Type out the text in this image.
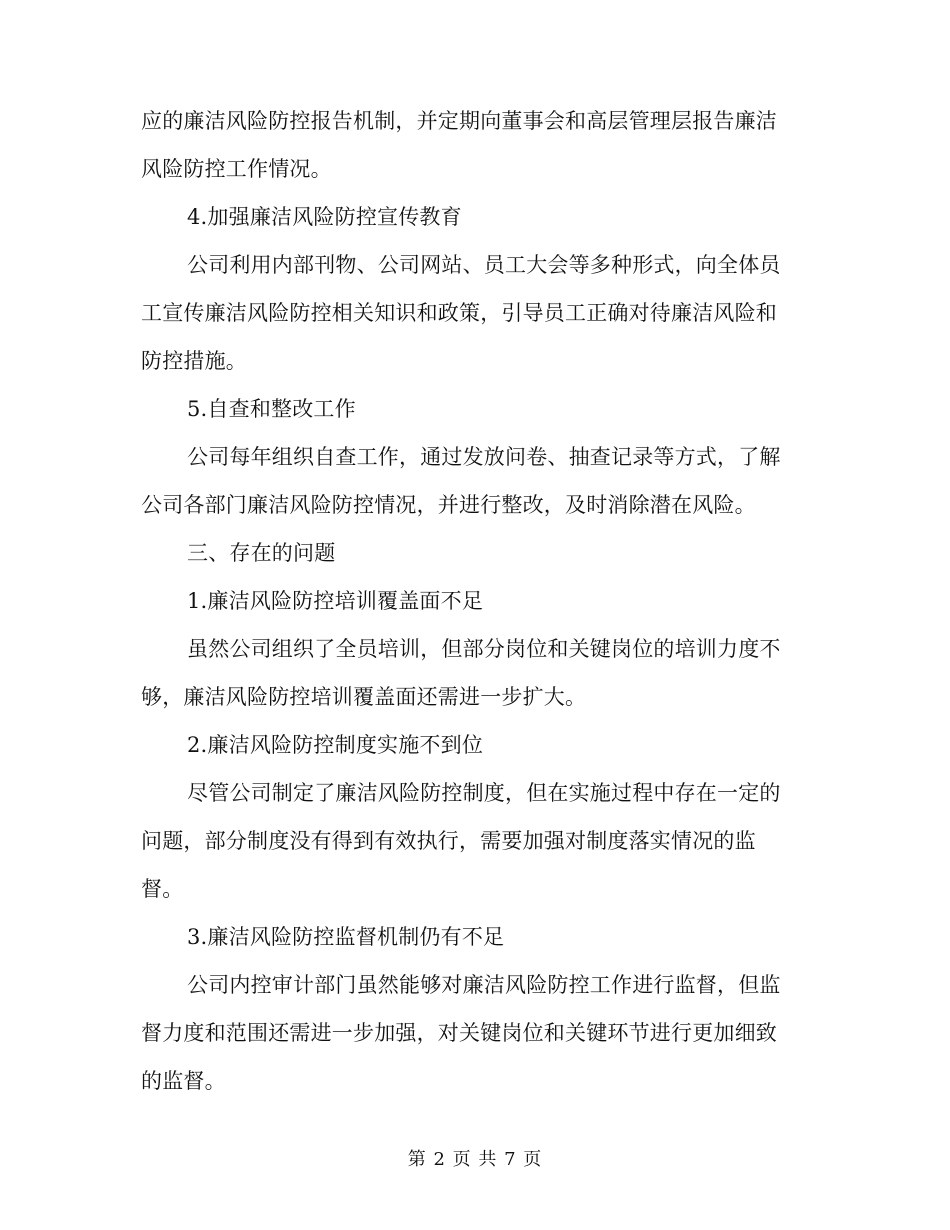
应的廉洁风险防控报告机制，并定期向董事会和高层管理层报告廉洁
风险防控工作情况。
4.加强廉洁风险防控宣传教育
公司利用内部刊物、公司网站、员工大会等多种形式，向全体员
工宣传廉洁风险防控相关知识和政策，引导员工正确对待廉洁风险和
防控措施。
5.自查和整改工作
公司每年组织自查工作，通过发放问卷、抽查记录等方式，了解
公司各部门廉洁风险防控情况，并进行整改，及时消除潜在风险。
三、存在的问题
1.廉洁风险防控培训覆盖面不足
虽然公司组织了全员培训，但部分岗位和关键岗位的培训力度不
够，廉洁风险防控培训覆盖面还需进一步扩大。
2.廉洁风险防控制度实施不到位
尽管公司制定了廉洁风险防控制度，但在实施过程中存在一定的
问题，部分制度没有得到有效执行，需要加强对制度落实情况的监
督。
3.廉洁风险防控监督机制仍有不足
公司内控审计部门虽然能够对廉洁风险防控工作进行监督，但监
督力度和范围还需进一步加强，对关键岗位和关键环节进行更加细致
的监督。
第 2 页 共 7 页
